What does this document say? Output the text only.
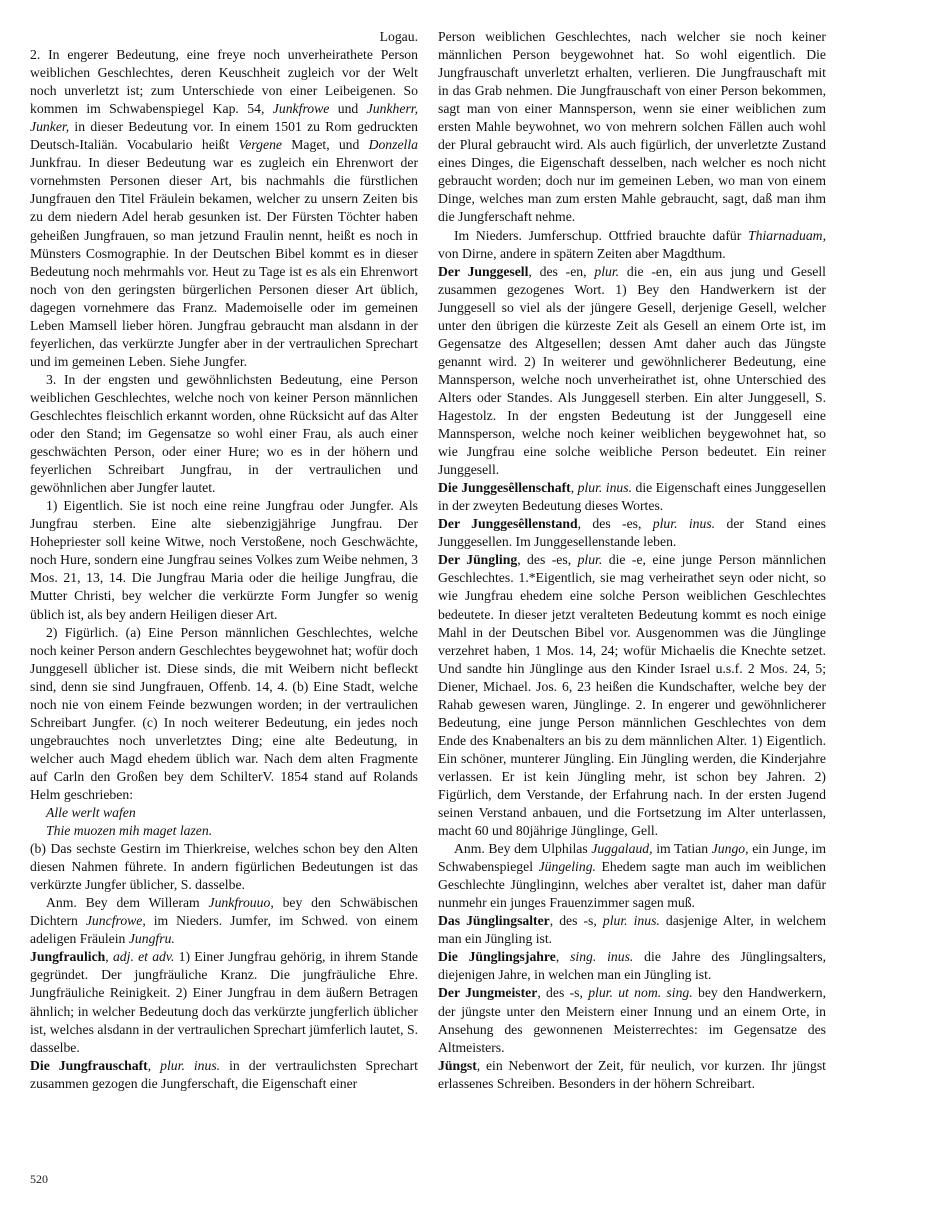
Logau.

2. In engerer Bedeutung, eine freye noch unverheirathete Person weiblichen Geschlechtes, deren Keuschheit zugleich vor der Welt noch unverletzt ist; zum Unterschiede von einer Leibeigenen. So kommen im Schwabenspiegel Kap. 54, Junkfrowe und Junkherr, Junker, in dieser Bedeutung vor. In einem 1501 zu Rom gedruckten Deutsch-Italiän. Vocabulario heißt Vergene Maget, und Donzella Junkfrau. In dieser Bedeutung war es zugleich ein Ehrenwort der vornehmsten Personen dieser Art, bis nachmahls die fürstlichen Jungfrauen den Titel Fräulein bekamen, welcher zu unsern Zeiten bis zu dem niedern Adel herab gesunken ist. Der Fürsten Töchter haben geheißen Jungfrauen, so man jetzund Fraulin nennt, heißt es noch in Münsters Cosmographie. In der Deutschen Bibel kommt es in dieser Bedeutung noch mehrmahls vor. Heut zu Tage ist es als ein Ehrenwort noch von den geringsten bürgerlichen Personen dieser Art üblich, dagegen vornehmere das Franz. Mademoiselle oder im gemeinen Leben Mamsell lieber hören. Jungfrau gebraucht man alsdann in der feyerlichen, das verkürzte Jungfer aber in der vertraulichen Sprechart und im gemeinen Leben. Siehe Jungfer.

3. In der engsten und gewöhnlichsten Bedeutung, eine Person weiblichen Geschlechtes, welche noch von keiner Person männlichen Geschlechtes fleischlich erkannt worden, ohne Rücksicht auf das Alter oder den Stand; im Gegensatze so wohl einer Frau, als auch einer geschwächten Person, oder einer Hure; wo es in der höhern und feyerlichen Schreibart Jungfrau, in der vertraulichen und gewöhnlichen aber Jungfer lautet.

1) Eigentlich. Sie ist noch eine reine Jungfrau oder Jungfer. Als Jungfrau sterben. Eine alte siebenzigjährige Jungfrau. Der Hohepriester soll keine Witwe, noch Verstoßene, noch Geschwächte, noch Hure, sondern eine Jungfrau seines Volkes zum Weibe nehmen, 3 Mos. 21, 13, 14. Die Jungfrau Maria oder die heilige Jungfrau, die Mutter Christi, bey welcher die verkürzte Form Jungfer so wenig üblich ist, als bey andern Heiligen dieser Art.

2) Figürlich. (a) Eine Person männlichen Geschlechtes, welche noch keiner Person andern Geschlechtes beygewohnet hat; wofür doch Junggesell üblicher ist. Diese sinds, die mit Weibern nicht befleckt sind, denn sie sind Jungfrauen, Offenb. 14, 4. (b) Eine Stadt, welche noch nie von einem Feinde bezwungen worden; in der vertraulichen Schreibart Jungfer. (c) In noch weiterer Bedeutung, ein jedes noch ungebrauchtes noch unverletztes Ding; eine alte Bedeutung, in welcher auch Magd ehedem üblich war. Nach dem alten Fragmente auf Carln den Großen bey dem SchilterV. 1854 stand auf Rolands Helm geschrieben:

Alle werlt wafen

Thie muozen mih maget lazen.

(b) Das sechste Gestirn im Thierkreise, welches schon bey den Alten diesen Nahmen führete. In andern figürlichen Bedeutungen ist das verkürzte Jungfer üblicher, S. dasselbe.

Anm. Bey dem Willeram Junkfrouuo, bey den Schwäbischen Dichtern Juncfrowe, im Nieders. Jumfer, im Schwed. von einem adeligen Fräulein Jungfru.

Jungfraulich, adj. et adv. 1) Einer Jungfrau gehörig, in ihrem Stande gegründet. Der jungfräuliche Kranz. Die jungfräuliche Ehre. Jungfräuliche Reinigkeit. 2) Einer Jungfrau in dem äußern Betragen ähnlich; in welcher Bedeutung doch das verkürzte jungferlich üblicher ist, welches alsdann in der vertraulichen Sprechart jümferlich lautet, S. dasselbe.

Die Jungfrauschaft, plur. inus. in der vertraulichsten Sprechart zusammen gezogen die Jungferschaft, die Eigenschaft einer

Person weiblichen Geschlechtes, nach welcher sie noch keiner männlichen Person beygewohnet hat. So wohl eigentlich. Die Jungfrauschaft unverletzt erhalten, verlieren. Die Jungfrauschaft mit in das Grab nehmen. Die Jungfrauschaft von einer Person bekommen, sagt man von einer Mannsperson, wenn sie einer weiblichen zum ersten Mahle beywohnet, wo von mehrern solchen Fällen auch wohl der Plural gebraucht wird. Als auch figürlich, der unverletzte Zustand eines Dinges, die Eigenschaft desselben, nach welcher es noch nicht gebraucht worden; doch nur im gemeinen Leben, wo man von einem Dinge, welches man zum ersten Mahle gebraucht, sagt, daß man ihm die Jungferschaft nehme.

Im Nieders. Jumferschup. Ottfried brauchte dafür Thiarnaduam, von Dirne, andere in spätern Zeiten aber Magdthum.

Der Junggesell, des -en, plur. die -en, ein aus jung und Gesell zusammen gezogenes Wort. 1) Bey den Handwerkern ist der Junggesell so viel als der jüngere Gesell, derjenige Gesell, welcher unter den übrigen die kürzeste Zeit als Gesell an einem Orte ist, im Gegensatze des Altgesellen; dessen Amt daher auch das Jüngste genannt wird. 2) In weiterer und gewöhnlicherer Bedeutung, eine Mannsperson, welche noch unverheirathet ist, ohne Unterschied des Alters oder Standes. Als Junggesell sterben. Ein alter Junggesell, S. Hagestolz. In der engsten Bedeutung ist der Junggesell eine Mannsperson, welche noch keiner weiblichen beygewohnet hat, so wie Jungfrau eine solche weibliche Person bedeutet. Ein reiner Junggesell.

Die Junggesêllenschaft, plur. inus. die Eigenschaft eines Junggesellen in der zweyten Bedeutung dieses Wortes.

Der Junggesêllenstand, des -es, plur. inus. der Stand eines Junggesellen. Im Junggesellenstande leben.

Der Jüngling, des -es, plur. die -e, eine junge Person männlichen Geschlechtes. 1.*Eigentlich, sie mag verheirathet seyn oder nicht, so wie Jungfrau ehedem eine solche Person weiblichen Geschlechtes bedeutete. In dieser jetzt veralteten Bedeutung kommt es noch einige Mahl in der Deutschen Bibel vor. Ausgenommen was die Jünglinge verzehret haben, 1 Mos. 14, 24; wofür Michaelis die Knechte setzet. Und sandte hin Jünglinge aus den Kinder Israel u.s.f. 2 Mos. 24, 5; Diener, Michael. Jos. 6, 23 heißen die Kundschafter, welche bey der Rahab gewesen waren, Jünglinge. 2. In engerer und gewöhnlicherer Bedeutung, eine junge Person männlichen Geschlechtes von dem Ende des Knabenalters an bis zu dem männlichen Alter. 1) Eigentlich. Ein schöner, munterer Jüngling. Ein Jüngling werden, die Kinderjahre verlassen. Er ist kein Jüngling mehr, ist schon bey Jahren. 2) Figürlich, dem Verstande, der Erfahrung nach. In der ersten Jugend seinen Verstand anbauen, und die Fortsetzung im Alter unterlassen, macht 60 und 80jährige Jünglinge, Gell.

Anm. Bey dem Ulphilas Juggalaud, im Tatian Jungo, ein Junge, im Schwabenspiegel Jüngeling. Ehedem sagte man auch im weiblichen Geschlechte Jünglinginn, welches aber veraltet ist, daher man dafür nunmehr ein junges Frauenzimmer sagen muß.

Das Jünglingsalter, des -s, plur. inus. dasjenige Alter, in welchem man ein Jüngling ist.

Die Jünglingsjahre, sing. inus. die Jahre des Jünglingsalters, diejenigen Jahre, in welchen man ein Jüngling ist.

Der Jungmeister, des -s, plur. ut nom. sing. bey den Handwerkern, der jüngste unter den Meistern einer Innung und an einem Orte, in Ansehung des gewonnenen Meisterrechtes: im Gegensatze des Altmeisters.

Jüngst, ein Nebenwort der Zeit, für neulich, vor kurzen. Ihr jüngst erlassenes Schreiben. Besonders in der höhern Schreibart.

520
